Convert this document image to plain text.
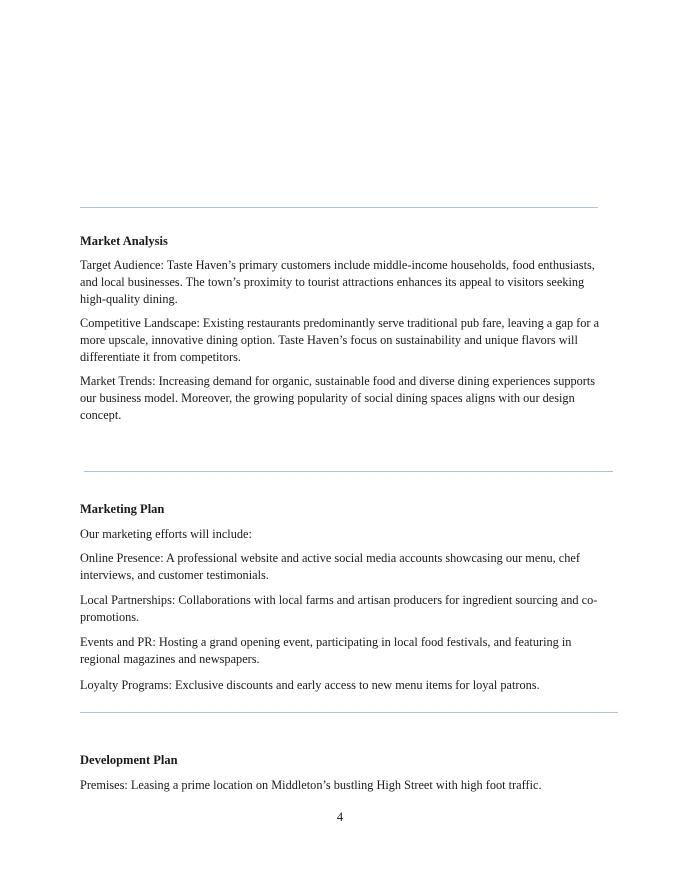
Market Analysis

Target Audience: Taste Haven’s primary customers include middle-income households, food enthusiasts, and local businesses. The town’s proximity to tourist attractions enhances its appeal to visitors seeking high-quality dining.

Competitive Landscape: Existing restaurants predominantly serve traditional pub fare, leaving a gap for a more upscale, innovative dining option. Taste Haven’s focus on sustainability and unique flavors will differentiate it from competitors.

Market Trends: Increasing demand for organic, sustainable food and diverse dining experiences supports our business model. Moreover, the growing popularity of social dining spaces aligns with our design concept.

Marketing Plan

Our marketing efforts will include:

Online Presence: A professional website and active social media accounts showcasing our menu, chef interviews, and customer testimonials.

Local Partnerships: Collaborations with local farms and artisan producers for ingredient sourcing and co-promotions.

Events and PR: Hosting a grand opening event, participating in local food festivals, and featuring in regional magazines and newspapers.

Loyalty Programs: Exclusive discounts and early access to new menu items for loyal patrons.

Development Plan

Premises: Leasing a prime location on Middleton’s bustling High Street with high foot traffic.

4
